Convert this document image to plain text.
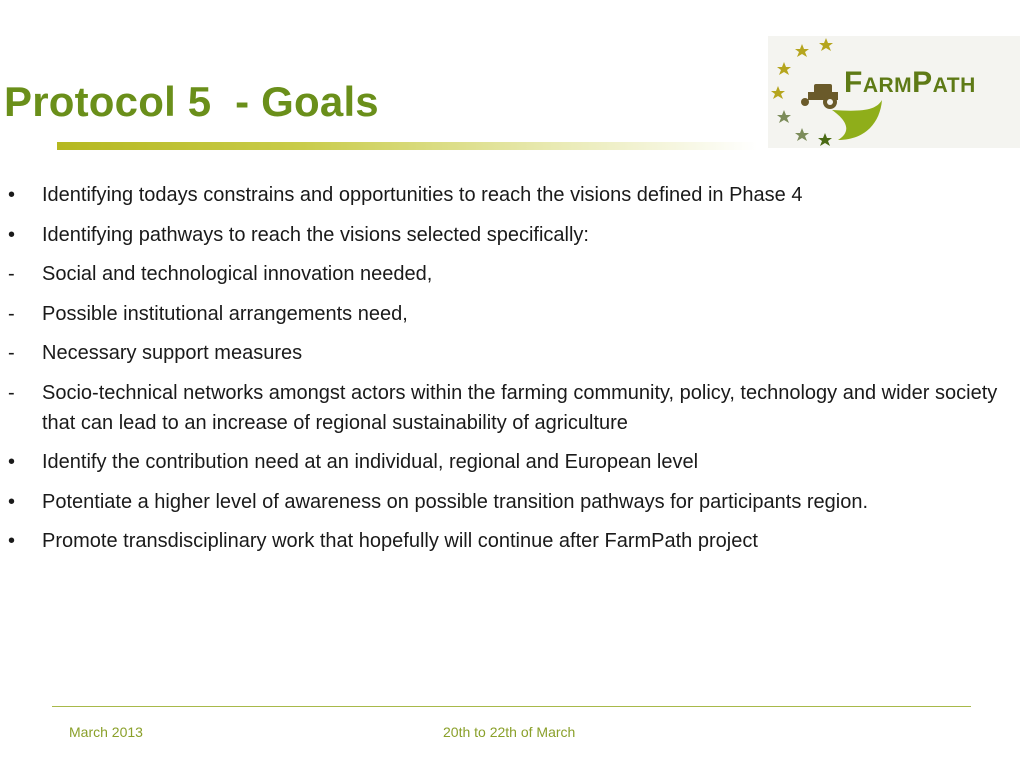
Protocol 5  - Goals	FarmPath
•	Identifying todays constrains and opportunities to reach the visions defined in Phase 4
•	Identifying pathways to reach the visions selected specifically:
-	Social and technological innovation needed,
-	Possible institutional arrangements need,
-	Necessary support measures
-	Socio-technical networks amongst actors within the farming community, policy, technology and wider society that can lead to an increase of regional sustainability of agriculture
•	Identify the contribution need at an individual, regional and European level
•	Potentiate a higher level of awareness on possible transition pathways for participants region.
•	Promote transdisciplinary work that hopefully will continue after FarmPath project
March 2013	20th to 22th of March
